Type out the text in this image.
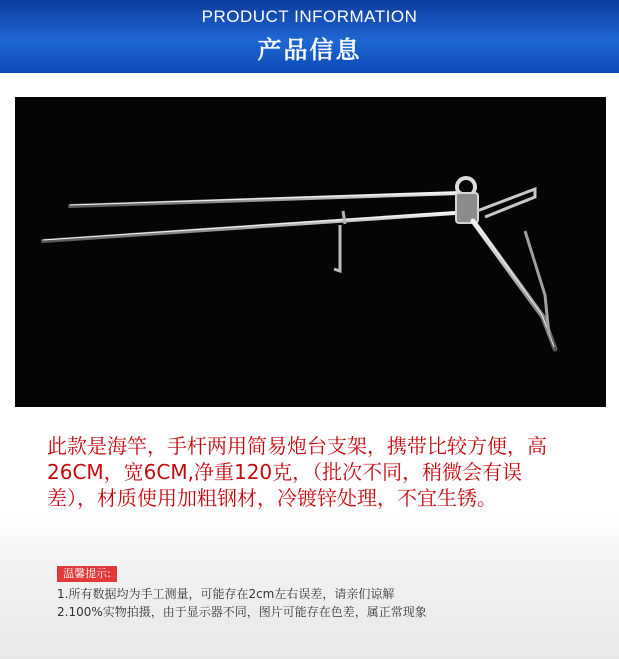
PRODUCT INFORMATION
产品信息
此款是海竿，手杆两用简易炮台支架，携带比较方便，高
26CM，宽6CM,净重120克，（批次不同，稍微会有误
差），材质使用加粗钢材，冷镀锌处理，不宜生锈。
温馨提示:
1.所有数据均为手工测量，可能存在2cm左右误差，请亲们谅解
2.100%实物拍摄，由于显示器不同，图片可能存在色差，属正常现象
